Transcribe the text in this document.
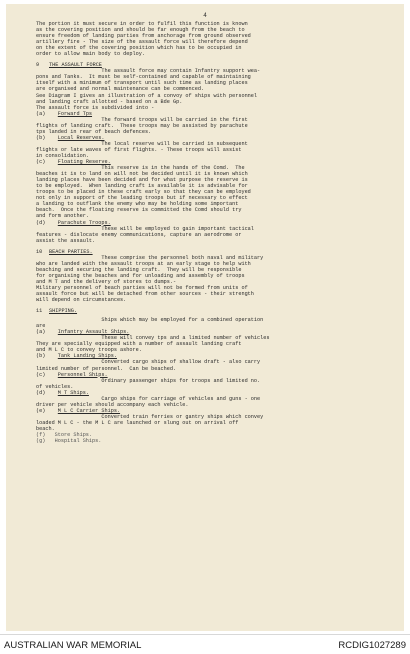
4
The portion it must secure in order to fulfil this function is known
as the covering position and should be far enough from the beach to
ensure freedom of landing parties from anchorage from ground observed
artillery fire - The size of the assault force will therefore depend
on the extent of the covering position which has to be occupied in
order to allow main body to deploy.
9	THE ASSAULT FORCE
The assault force may contain Infantry support wea-
pons and Tanks.  It must be self-contained and capable of maintaining
itself with a minimum of transport until such time as landing places
are organised and normal maintenance can be commenced.
See Diagram I gives an illustration of a convoy of ships with personnel
and landing craft allotted - based on a Bde Gp.
The assault force is subdivided into -
(a) Forward Tps
The forward troops will be carried in the first
flights of landing craft.  These troops may be assisted by parachute
tps landed in rear of beach defences.
(b) Local Reserves.
The local reserve will be carried in subsequent
flights or late waves of first flights. - These troops will assist
in consolidation.
(c) Floating Reserve.
This reserve is in the hands of the Comd.  The
beaches it is to land on will not be decided until it is known which
landing places have been decided and for what purpose the reserve is
to be employed.  When landing craft is available it is advisable for
troops to be placed in these craft early so that they can be employed
not only in support of the leading troops but if necessary to effect
a landing to outflank the enemy who may be holding some important
beach.  Once the floating reserve is committed the Comd should try
and form another.
(d) Parachute Troops.
These will be employed to gain important tactical
features - dislocate enemy communications, capture an aerodrome or
assist the assault.
10	BEACH PARTIES.
These comprise the personnel both naval and military
who are landed with the assault troops at an early stage to help with
beaching and securing the landing craft.  They will be responsible
for organising the beaches and for unloading and assembly of troops
and M T and the delivery of stores to dumps.-
Military personnel of beach parties will not be formed from units of
assault force but will be detached from other sources - their strength
will depend on circumstances.
11	SHIPPING.
Ships which may be employed for a combined operation
are
(a) Infantry Assault Ships.
These will convey tps and a limited number of vehicles
They are specially equipped with a number of assault landing craft
and M L C to convey troops ashore.
(b) Tank Landing Ships.
Converted cargo ships of shallow draft - also carry
limited number of personnel.  Can be beached.
(c) Personnel Ships.
Ordinary passenger ships for troops and limited no.
of vehicles.
(d) M T Ships.
Cargo ships for carriage of vehicles and guns - one
driver per vehicle should accompany each vehicle.
(e) M L C Carrier Ships.
Converted train ferries or gantry ships which convey
loaded M L C - the M L C are launched or slung out on arrival off
beach.
(f)   Store Ships.
(g)   Hospital Ships.
AUSTRALIAN WAR MEMORIAL	RCDIG1027289
